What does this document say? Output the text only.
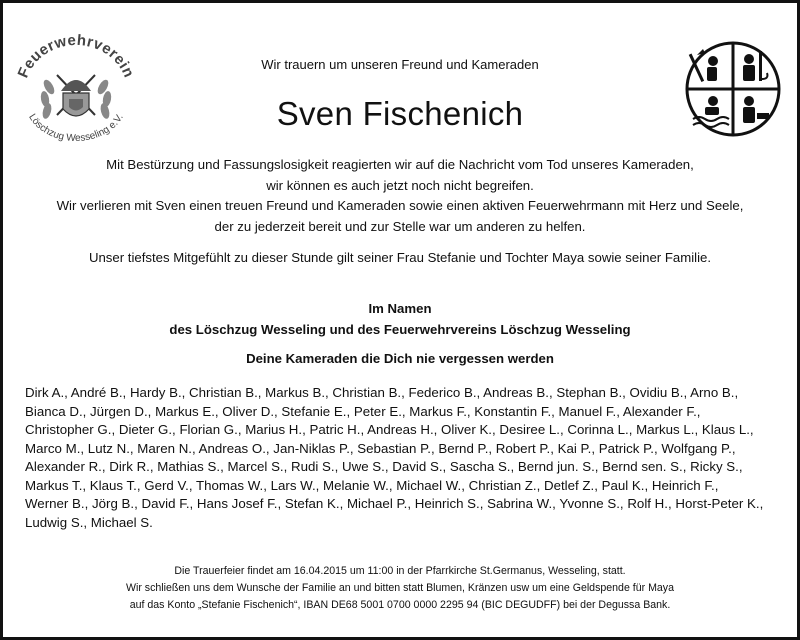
Feuerwehrverein
Löschzug Wesseling e.V.
Wir trauern um unseren Freund und Kameraden
Sven Fischenich
Mit Bestürzung und Fassungslosigkeit reagierten wir auf die Nachricht vom Tod unseres Kameraden,
wir können es auch jetzt noch nicht begreifen.
Wir verlieren mit Sven einen treuen Freund und Kameraden sowie einen aktiven Feuerwehrmann mit Herz und Seele,
der zu jederzeit bereit und zur Stelle war um anderen zu helfen.
Unser tiefstes Mitgefühlt zu dieser Stunde gilt seiner Frau Stefanie und Tochter Maya sowie seiner Familie.
Im Namen
des Löschzug Wesseling und des Feuerwehrvereins Löschzug Wesseling
Deine Kameraden die Dich nie vergessen werden
Dirk A., André B., Hardy B., Christian B., Markus B., Christian B., Federico B., Andreas B., Stephan B., Ovidiu B., Arno B.,
Bianca D., Jürgen D., Markus E., Oliver D., Stefanie E., Peter E., Markus F., Konstantin F., Manuel F., Alexander F.,
Christopher G., Dieter G., Florian G., Marius H., Patric H., Andreas H., Oliver K., Desiree L., Corinna L., Markus L., Klaus L.,
Marco M., Lutz N., Maren N., Andreas O., Jan-Niklas P., Sebastian P., Bernd P., Robert P., Kai P., Patrick P., Wolfgang P.,
Alexander R., Dirk R., Mathias S., Marcel S., Rudi S., Uwe S., David S., Sascha S., Bernd jun. S., Bernd sen. S., Ricky S.,
Markus T., Klaus T., Gerd V., Thomas W., Lars W., Melanie W., Michael W., Christian Z., Detlef Z., Paul K., Heinrich F.,
Werner B., Jörg B., David F., Hans Josef F., Stefan K., Michael P., Heinrich S., Sabrina W., Yvonne S., Rolf H., Horst-Peter K.,
Ludwig S., Michael S.
Die Trauerfeier findet am 16.04.2015 um 11:00 in der Pfarrkirche St.Germanus, Wesseling, statt.
Wir schließen uns dem Wunsche der Familie an und bitten statt Blumen, Kränzen usw um eine Geldspende für Maya
auf das Konto „Stefanie Fischenich“, IBAN DE68 5001 0700 0000 2295 94 (BIC DEGUDFF) bei der Degussa Bank.
